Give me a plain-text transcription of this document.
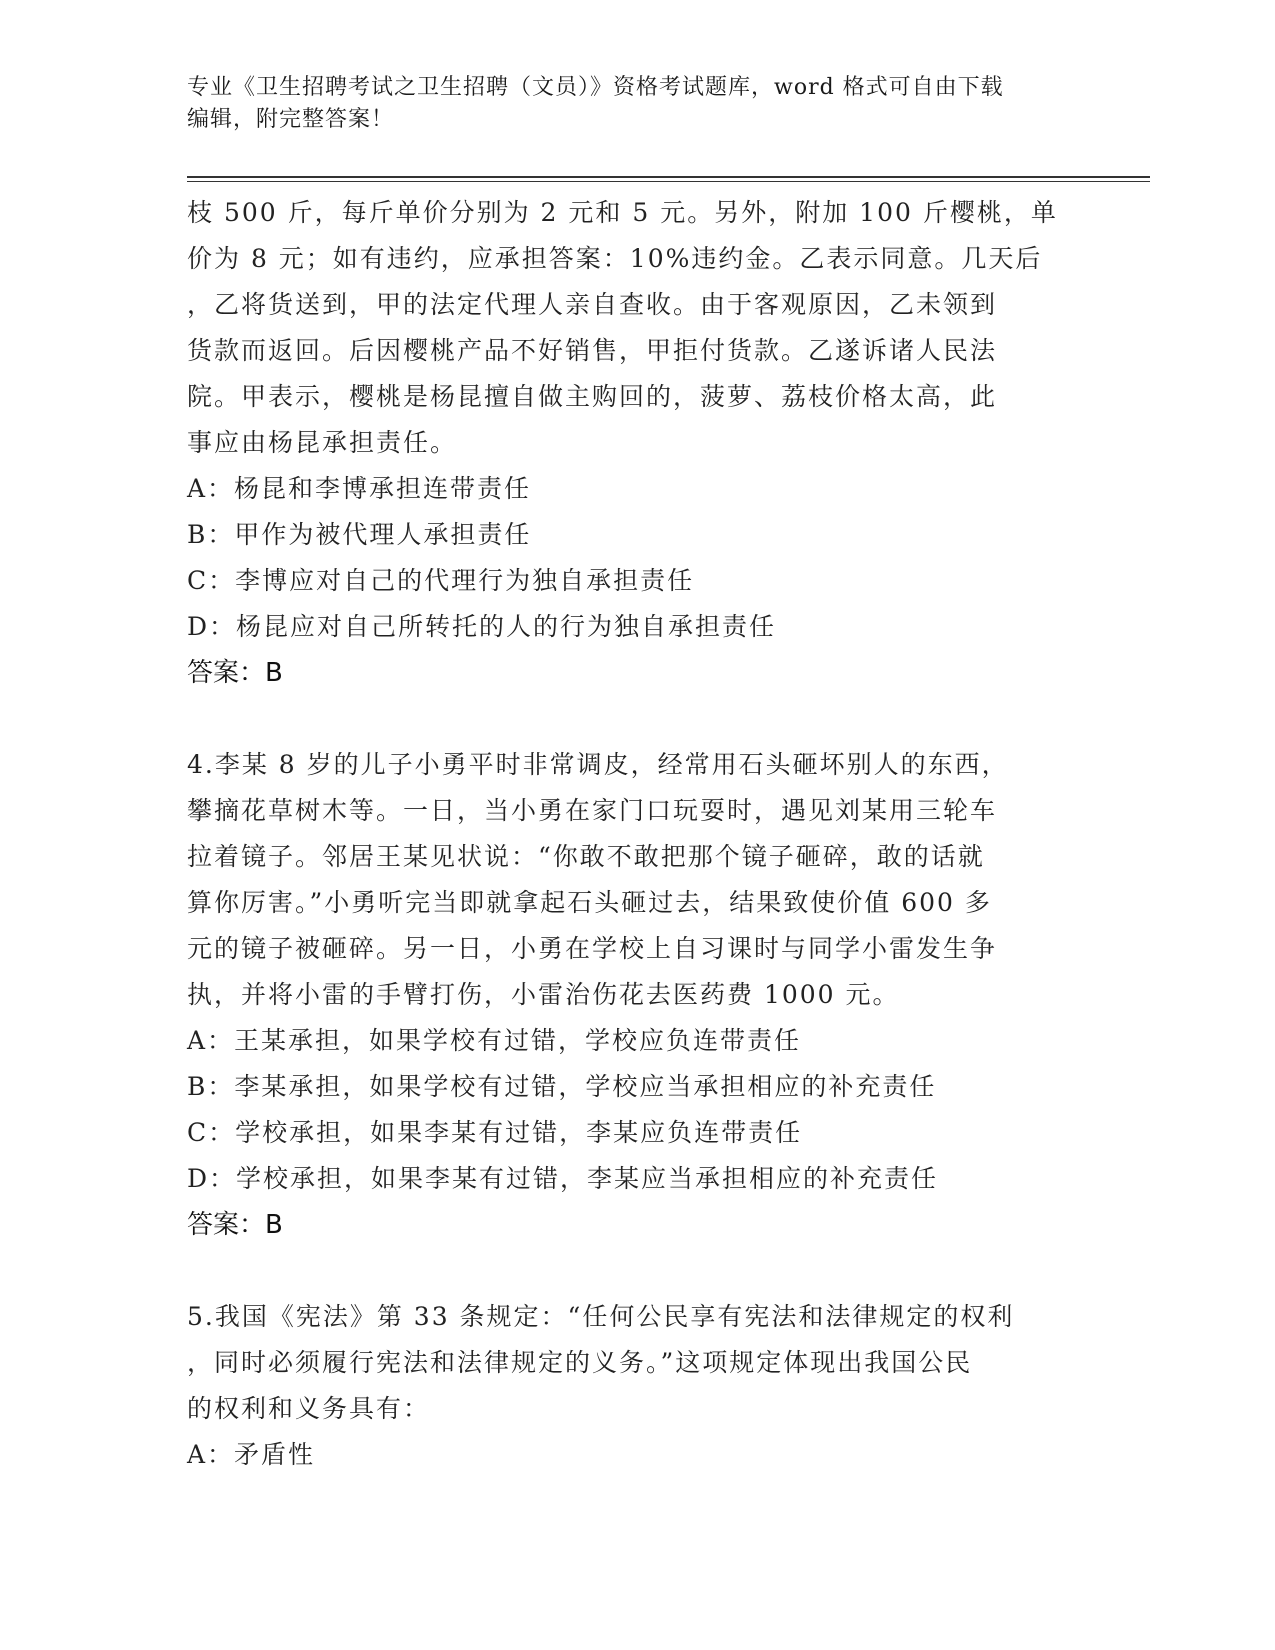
专业《卫生招聘考试之卫生招聘（文员）》资格考试题库，word 格式可自由下载
编辑，附完整答案！

枝 500 斤，每斤单价分别为 2 元和 5 元。另外，附加 100 斤樱桃，单

价为 8 元；如有违约，应承担答案：10%违约金。乙表示同意。几天后

，乙将货送到，甲的法定代理人亲自查收。由于客观原因，乙未领到

货款而返回。后因樱桃产品不好销售，甲拒付货款。乙遂诉诸人民法

院。甲表示，樱桃是杨昆擅自做主购回的，菠萝、荔枝价格太高，此

事应由杨昆承担责任。

A：杨昆和李博承担连带责任

B：甲作为被代理人承担责任

C：李博应对自己的代理行为独自承担责任

D：杨昆应对自己所转托的人的行为独自承担责任

答案：B

4.李某 8 岁的儿子小勇平时非常调皮，经常用石头砸坏别人的东西，

攀摘花草树木等。一日，当小勇在家门口玩耍时，遇见刘某用三轮车

拉着镜子。邻居王某见状说：“你敢不敢把那个镜子砸碎，敢的话就

算你厉害。”小勇听完当即就拿起石头砸过去，结果致使价值 600 多

元的镜子被砸碎。另一日，小勇在学校上自习课时与同学小雷发生争

执，并将小雷的手臂打伤，小雷治伤花去医药费 1000 元。

A：王某承担，如果学校有过错，学校应负连带责任

B：李某承担，如果学校有过错，学校应当承担相应的补充责任

C：学校承担，如果李某有过错，李某应负连带责任

D：学校承担，如果李某有过错，李某应当承担相应的补充责任

答案：B

5.我国《宪法》第 33 条规定：“任何公民享有宪法和法律规定的权利

，同时必须履行宪法和法律规定的义务。”这项规定体现出我国公民

的权利和义务具有：

A：矛盾性
